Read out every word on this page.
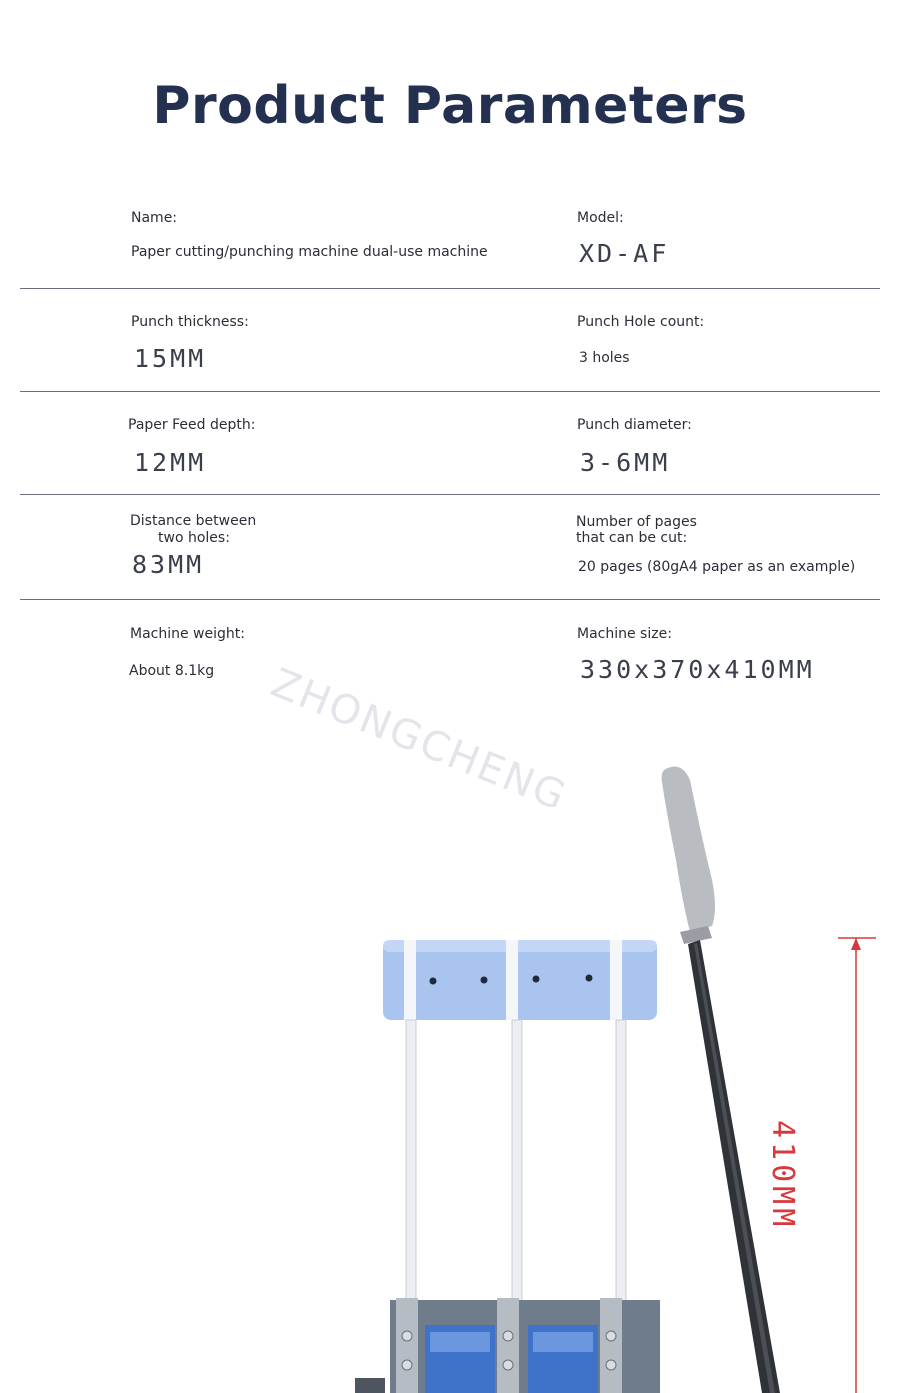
Product Parameters
Name:
Paper cutting/punching machine dual-use machine
Model:
XD-AF
Punch thickness:
15MM
Punch Hole count:
3 holes
Paper Feed depth:
12MM
Punch diameter:
3-6MM
Distance between
two holes:
83MM
Number of pages
that can be cut:
20 pages (80gA4 paper as an example)
Machine weight:
About 8.1kg
Machine size:
330x370x410MM
ZHONGCHENG
410MM
